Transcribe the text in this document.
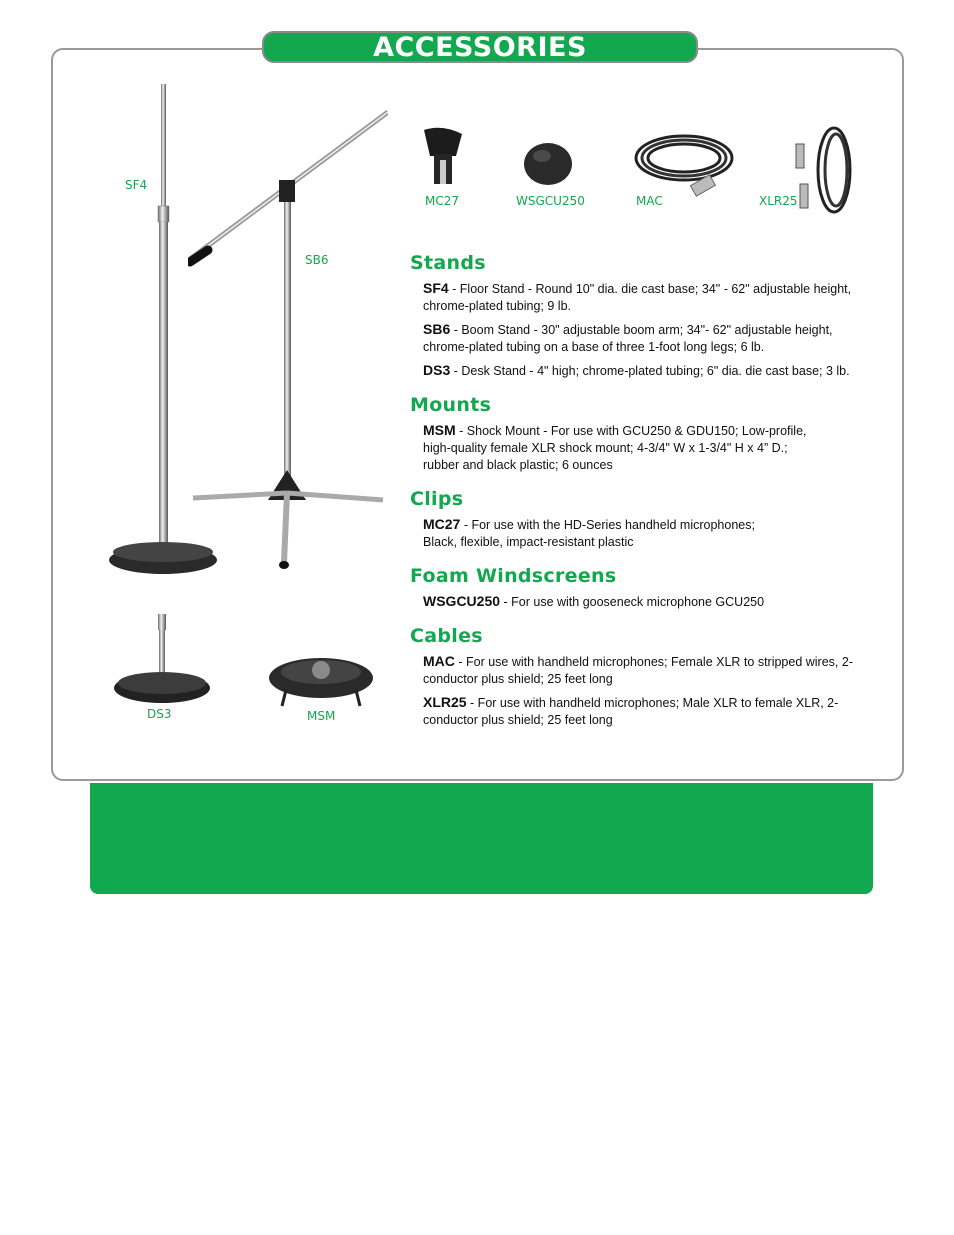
ACCESSORIES
SF4
SB6
MC27	WSGCU250	MAC	XLR25
DS3	MSM
Stands
SF4 - Floor Stand - Round 10" dia. die cast base; 34" - 62" adjustable height, chrome-plated tubing; 9 lb.
SB6 - Boom Stand - 30" adjustable boom arm; 34"- 62" adjustable height, chrome-plated tubing on a base of three 1-foot long legs; 6 lb.
DS3 - Desk Stand - 4" high; chrome-plated tubing; 6" dia. die cast base; 3 lb.
Mounts
MSM - Shock Mount - For use with GCU250 & GDU150; Low-profile, high-quality female XLR shock mount; 4-3/4" W x 1-3/4" H x 4” D.; rubber and black plastic; 6 ounces
Clips
MC27 - For use with the HD-Series handheld microphones; Black, flexible, impact-resistant plastic
Foam Windscreens
WSGCU250 - For use with gooseneck microphone GCU250
Cables
MAC - For use with handheld microphones; Female XLR to stripped wires, 2-conductor plus shield; 25 feet long
XLR25 - For use with handheld microphones; Male XLR to female XLR, 2-conductor plus shield; 25 feet long
